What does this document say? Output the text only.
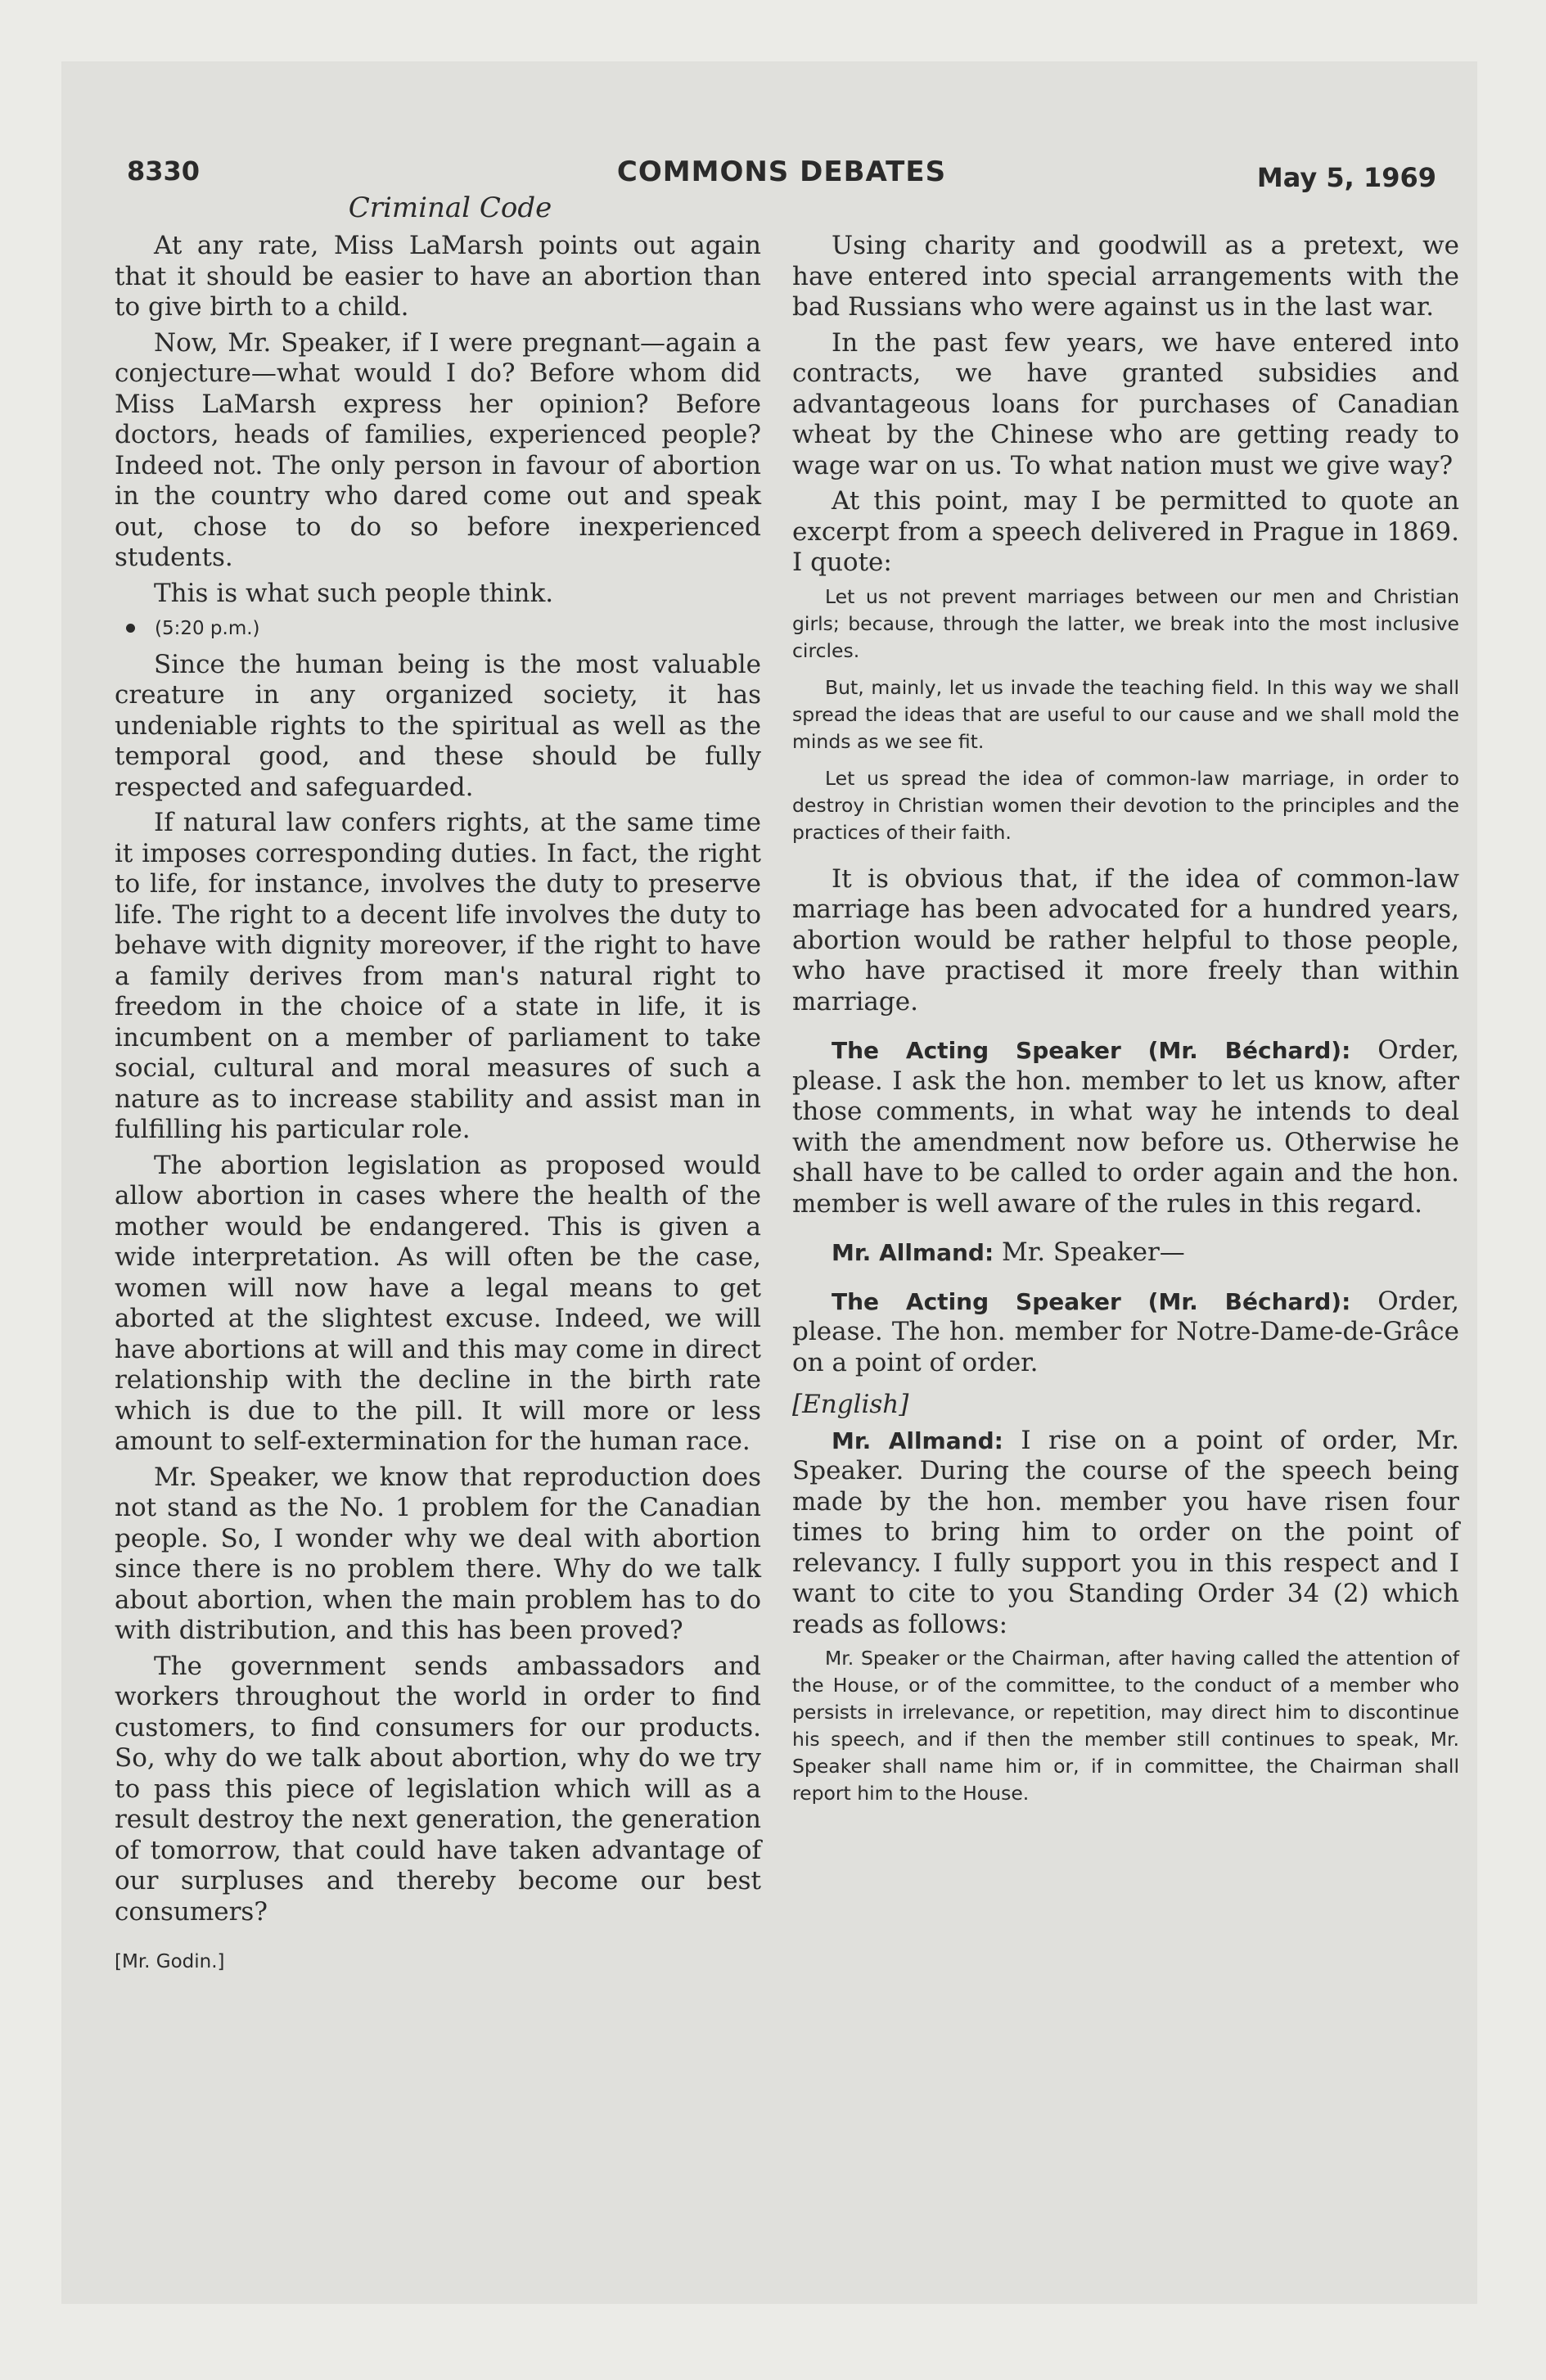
8330	COMMONS DEBATES	May 5, 1969
Criminal Code

At any rate, Miss LaMarsh points out again that it should be easier to have an abortion than to give birth to a child.

Now, Mr. Speaker, if I were pregnant—again a conjecture—what would I do? Before whom did Miss LaMarsh express her opinion? Before doctors, heads of families, experienced people? Indeed not. The only person in favour of abortion in the country who dared come out and speak out, chose to do so before inexperienced students.

This is what such people think.

(5:20 p.m.)

Since the human being is the most valuable creature in any organized society, it has undeniable rights to the spiritual as well as the temporal good, and these should be fully respected and safeguarded.

If natural law confers rights, at the same time it imposes corresponding duties. In fact, the right to life, for instance, involves the duty to preserve life. The right to a decent life involves the duty to behave with dignity moreover, if the right to have a family derives from man's natural right to freedom in the choice of a state in life, it is incumbent on a member of parliament to take social, cultural and moral measures of such a nature as to increase stability and assist man in fulfilling his particular role.

The abortion legislation as proposed would allow abortion in cases where the health of the mother would be endangered. This is given a wide interpretation. As will often be the case, women will now have a legal means to get aborted at the slightest excuse. Indeed, we will have abortions at will and this may come in direct relationship with the decline in the birth rate which is due to the pill. It will more or less amount to self-extermination for the human race.

Mr. Speaker, we know that reproduction does not stand as the No. 1 problem for the Canadian people. So, I wonder why we deal with abortion since there is no problem there. Why do we talk about abortion, when the main problem has to do with distribution, and this has been proved?

The government sends ambassadors and workers throughout the world in order to find customers, to find consumers for our products. So, why do we talk about abortion, why do we try to pass this piece of legislation which will as a result destroy the next generation, the generation of tomorrow, that could have taken advantage of our surpluses and thereby become our best consumers?

[Mr. Godin.]

Using charity and goodwill as a pretext, we have entered into special arrangements with the bad Russians who were against us in the last war.

In the past few years, we have entered into contracts, we have granted subsidies and advantageous loans for purchases of Canadian wheat by the Chinese who are getting ready to wage war on us. To what nation must we give way?

At this point, may I be permitted to quote an excerpt from a speech delivered in Prague in 1869. I quote:

Let us not prevent marriages between our men and Christian girls; because, through the latter, we break into the most inclusive circles.

But, mainly, let us invade the teaching field. In this way we shall spread the ideas that are useful to our cause and we shall mold the minds as we see fit.

Let us spread the idea of common-law marriage, in order to destroy in Christian women their devotion to the principles and the practices of their faith.

It is obvious that, if the idea of common-law marriage has been advocated for a hundred years, abortion would be rather helpful to those people, who have practised it more freely than within marriage.

The Acting Speaker (Mr. Béchard): Order, please. I ask the hon. member to let us know, after those comments, in what way he intends to deal with the amendment now before us. Otherwise he shall have to be called to order again and the hon. member is well aware of the rules in this regard.

Mr. Allmand: Mr. Speaker—

The Acting Speaker (Mr. Béchard): Order, please. The hon. member for Notre-Dame-de-Grâce on a point of order.

[English]

Mr. Allmand: I rise on a point of order, Mr. Speaker. During the course of the speech being made by the hon. member you have risen four times to bring him to order on the point of relevancy. I fully support you in this respect and I want to cite to you Standing Order 34 (2) which reads as follows:

Mr. Speaker or the Chairman, after having called the attention of the House, or of the committee, to the conduct of a member who persists in irrelevance, or repetition, may direct him to discontinue his speech, and if then the member still continues to speak, Mr. Speaker shall name him or, if in committee, the Chairman shall report him to the House.
